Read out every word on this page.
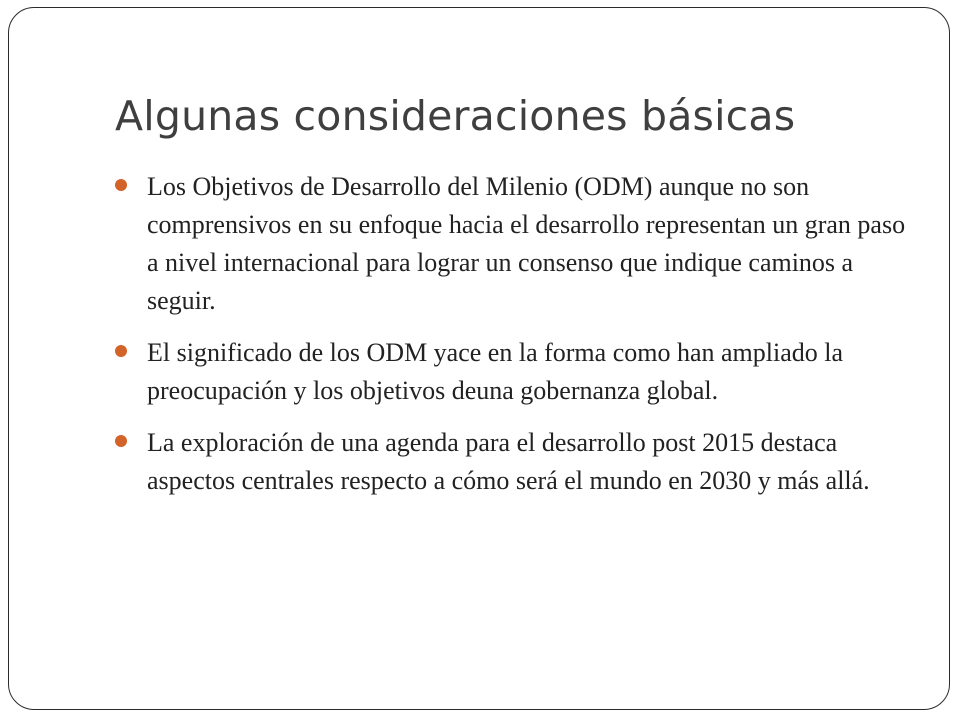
Algunas consideraciones básicas
Los Objetivos de Desarrollo del Milenio (ODM) aunque no son comprensivos en su enfoque hacia el desarrollo representan un gran paso a nivel internacional para lograr un consenso que indique caminos a seguir.
El significado de los ODM yace en la forma como han ampliado la preocupación y los objetivos deuna gobernanza global.
La exploración de una agenda para el desarrollo post 2015 destaca aspectos centrales respecto a cómo será el mundo en 2030 y más allá.
